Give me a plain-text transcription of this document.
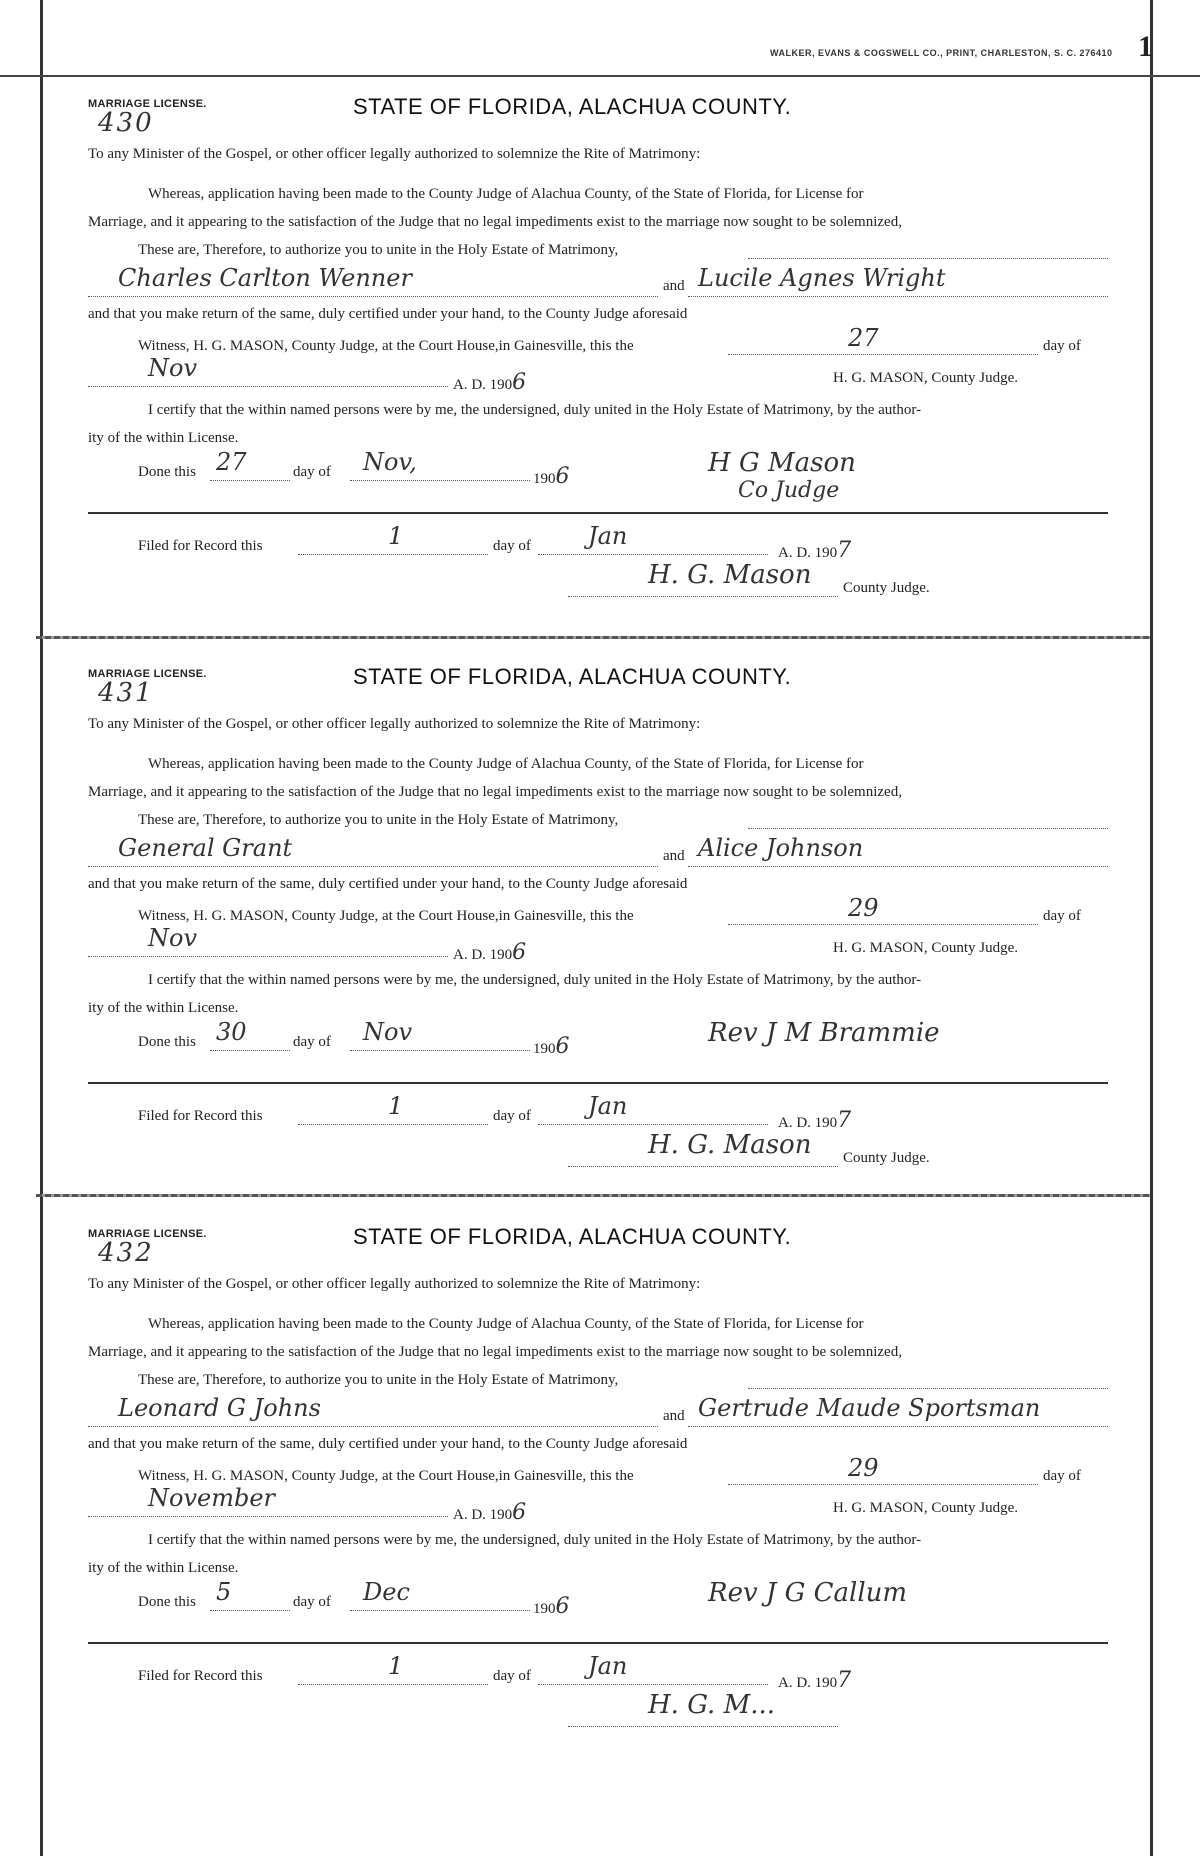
WALKER, EVANS & COGSWELL CO., PRINT, CHARLESTON, S. C. 276410 1
MARRIAGE LICENSE.
430
STATE OF FLORIDA, ALACHUA COUNTY.
To any Minister of the Gospel, or other officer legally authorized to solemnize the Rite of Matrimony:
Whereas, application having been made to the County Judge of Alachua County, of the State of Florida, for License for
Marriage, and it appearing to the satisfaction of the Judge that no legal impediments exist to the marriage now sought to be solemnized,
These are, Therefore, to authorize you to unite in the Holy Estate of Matrimony,
Charles Carlton Wenner	and Lucile Agnes Wright
and that you make return of the same, duly certified under your hand, to the County Judge aforesaid
Witness, H. G. MASON, County Judge, at the Court House,in Gainesville, this the	27	day of
Nov
A. D. 1906	H. G. MASON, County Judge.
I certify that the within named persons were by me, the undersigned, duly united in the Holy Estate of Matrimony, by the author-
ity of the within License.
Done this 27	day of Nov,
1906	H G Mason
Co Judge
Filed for Record this	1	day of Jan
A. D. 1907
H. G. Mason County Judge.
MARRIAGE LICENSE.
431
STATE OF FLORIDA, ALACHUA COUNTY.
To any Minister of the Gospel, or other officer legally authorized to solemnize the Rite of Matrimony:
Whereas, application having been made to the County Judge of Alachua County, of the State of Florida, for License for
Marriage, and it appearing to the satisfaction of the Judge that no legal impediments exist to the marriage now sought to be solemnized,
These are, Therefore, to authorize you to unite in the Holy Estate of Matrimony,
General Grant	and Alice Johnson
and that you make return of the same, duly certified under your hand, to the County Judge aforesaid
Witness, H. G. MASON, County Judge, at the Court House,in Gainesville, this the	29	day of
Nov
A. D. 1906	H. G. MASON, County Judge.
I certify that the within named persons were by me, the undersigned, duly united in the Holy Estate of Matrimony, by the author-
ity of the within License.
Done this 30	day of Nov
1906	Rev J M Brammie
Filed for Record this	1	day of Jan
A. D. 1907
H. G. Mason County Judge.
MARRIAGE LICENSE.
432
STATE OF FLORIDA, ALACHUA COUNTY.
To any Minister of the Gospel, or other officer legally authorized to solemnize the Rite of Matrimony:
Whereas, application having been made to the County Judge of Alachua County, of the State of Florida, for License for
Marriage, and it appearing to the satisfaction of the Judge that no legal impediments exist to the marriage now sought to be solemnized,
These are, Therefore, to authorize you to unite in the Holy Estate of Matrimony,
Leonard G Johns	and Gertrude Maude Sportsman
and that you make return of the same, duly certified under your hand, to the County Judge aforesaid
Witness, H. G. MASON, County Judge, at the Court House,in Gainesville, this the	29	day of
November
A. D. 1906	H. G. MASON, County Judge.
I certify that the within named persons were by me, the undersigned, duly united in the Holy Estate of Matrimony, by the author-
ity of the within License.
Done this 5	day of Dec
1906	Rev J G Callum
Filed for Record this	1	day of Jan
A. D. 1907
H. G. M...
